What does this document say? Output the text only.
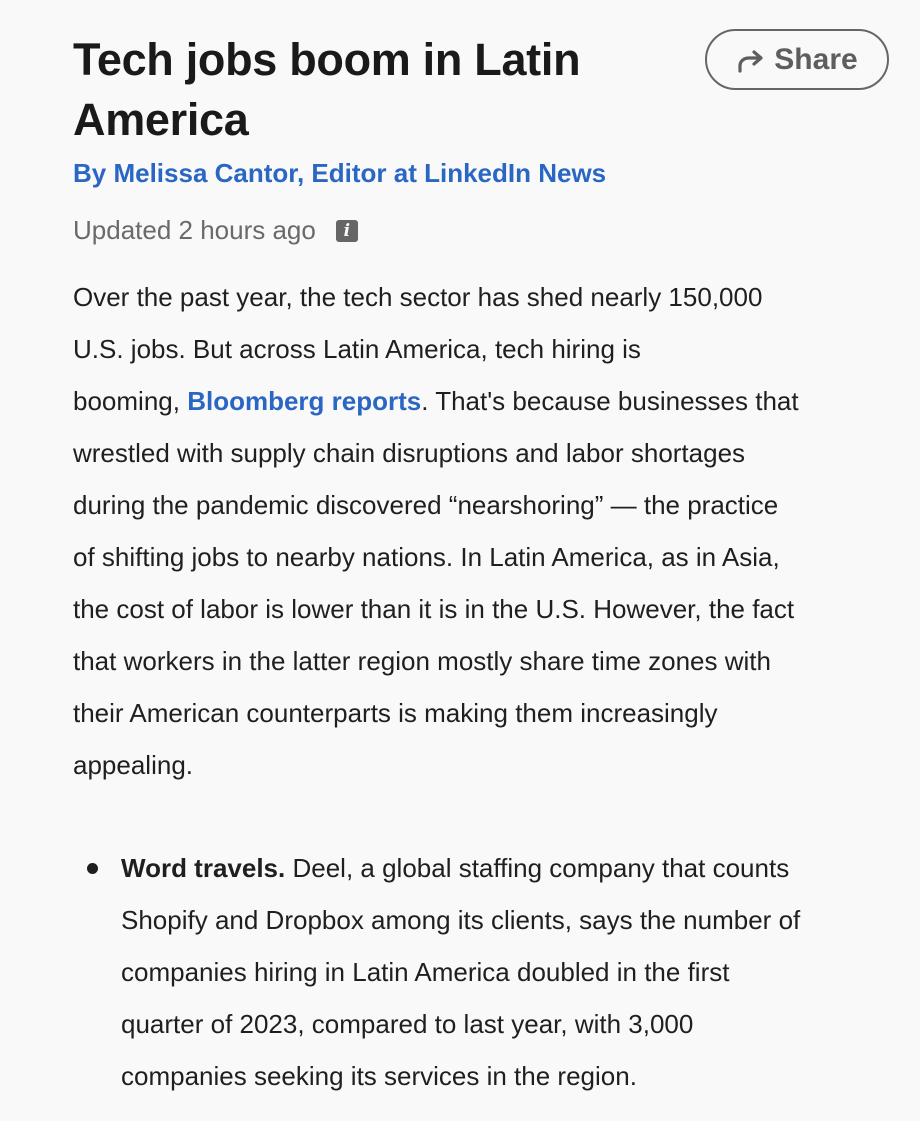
Tech jobs boom in Latin
America
Share
By Melissa Cantor, Editor at LinkedIn News
Updated 2 hours ago	i

Over the past year, the tech sector has shed nearly 150,000
U.S. jobs. But across Latin America, tech hiring is
booming, Bloomberg reports. That's because businesses that
wrestled with supply chain disruptions and labor shortages
during the pandemic discovered “nearshoring” — the practice
of shifting jobs to nearby nations. In Latin America, as in Asia,
the cost of labor is lower than it is in the U.S. However, the fact
that workers in the latter region mostly share time zones with
their American counterparts is making them increasingly
appealing.

Word travels. Deel, a global staffing company that counts
Shopify and Dropbox among its clients, says the number of
companies hiring in Latin America doubled in the first
quarter of 2023, compared to last year, with 3,000
companies seeking its services in the region.
